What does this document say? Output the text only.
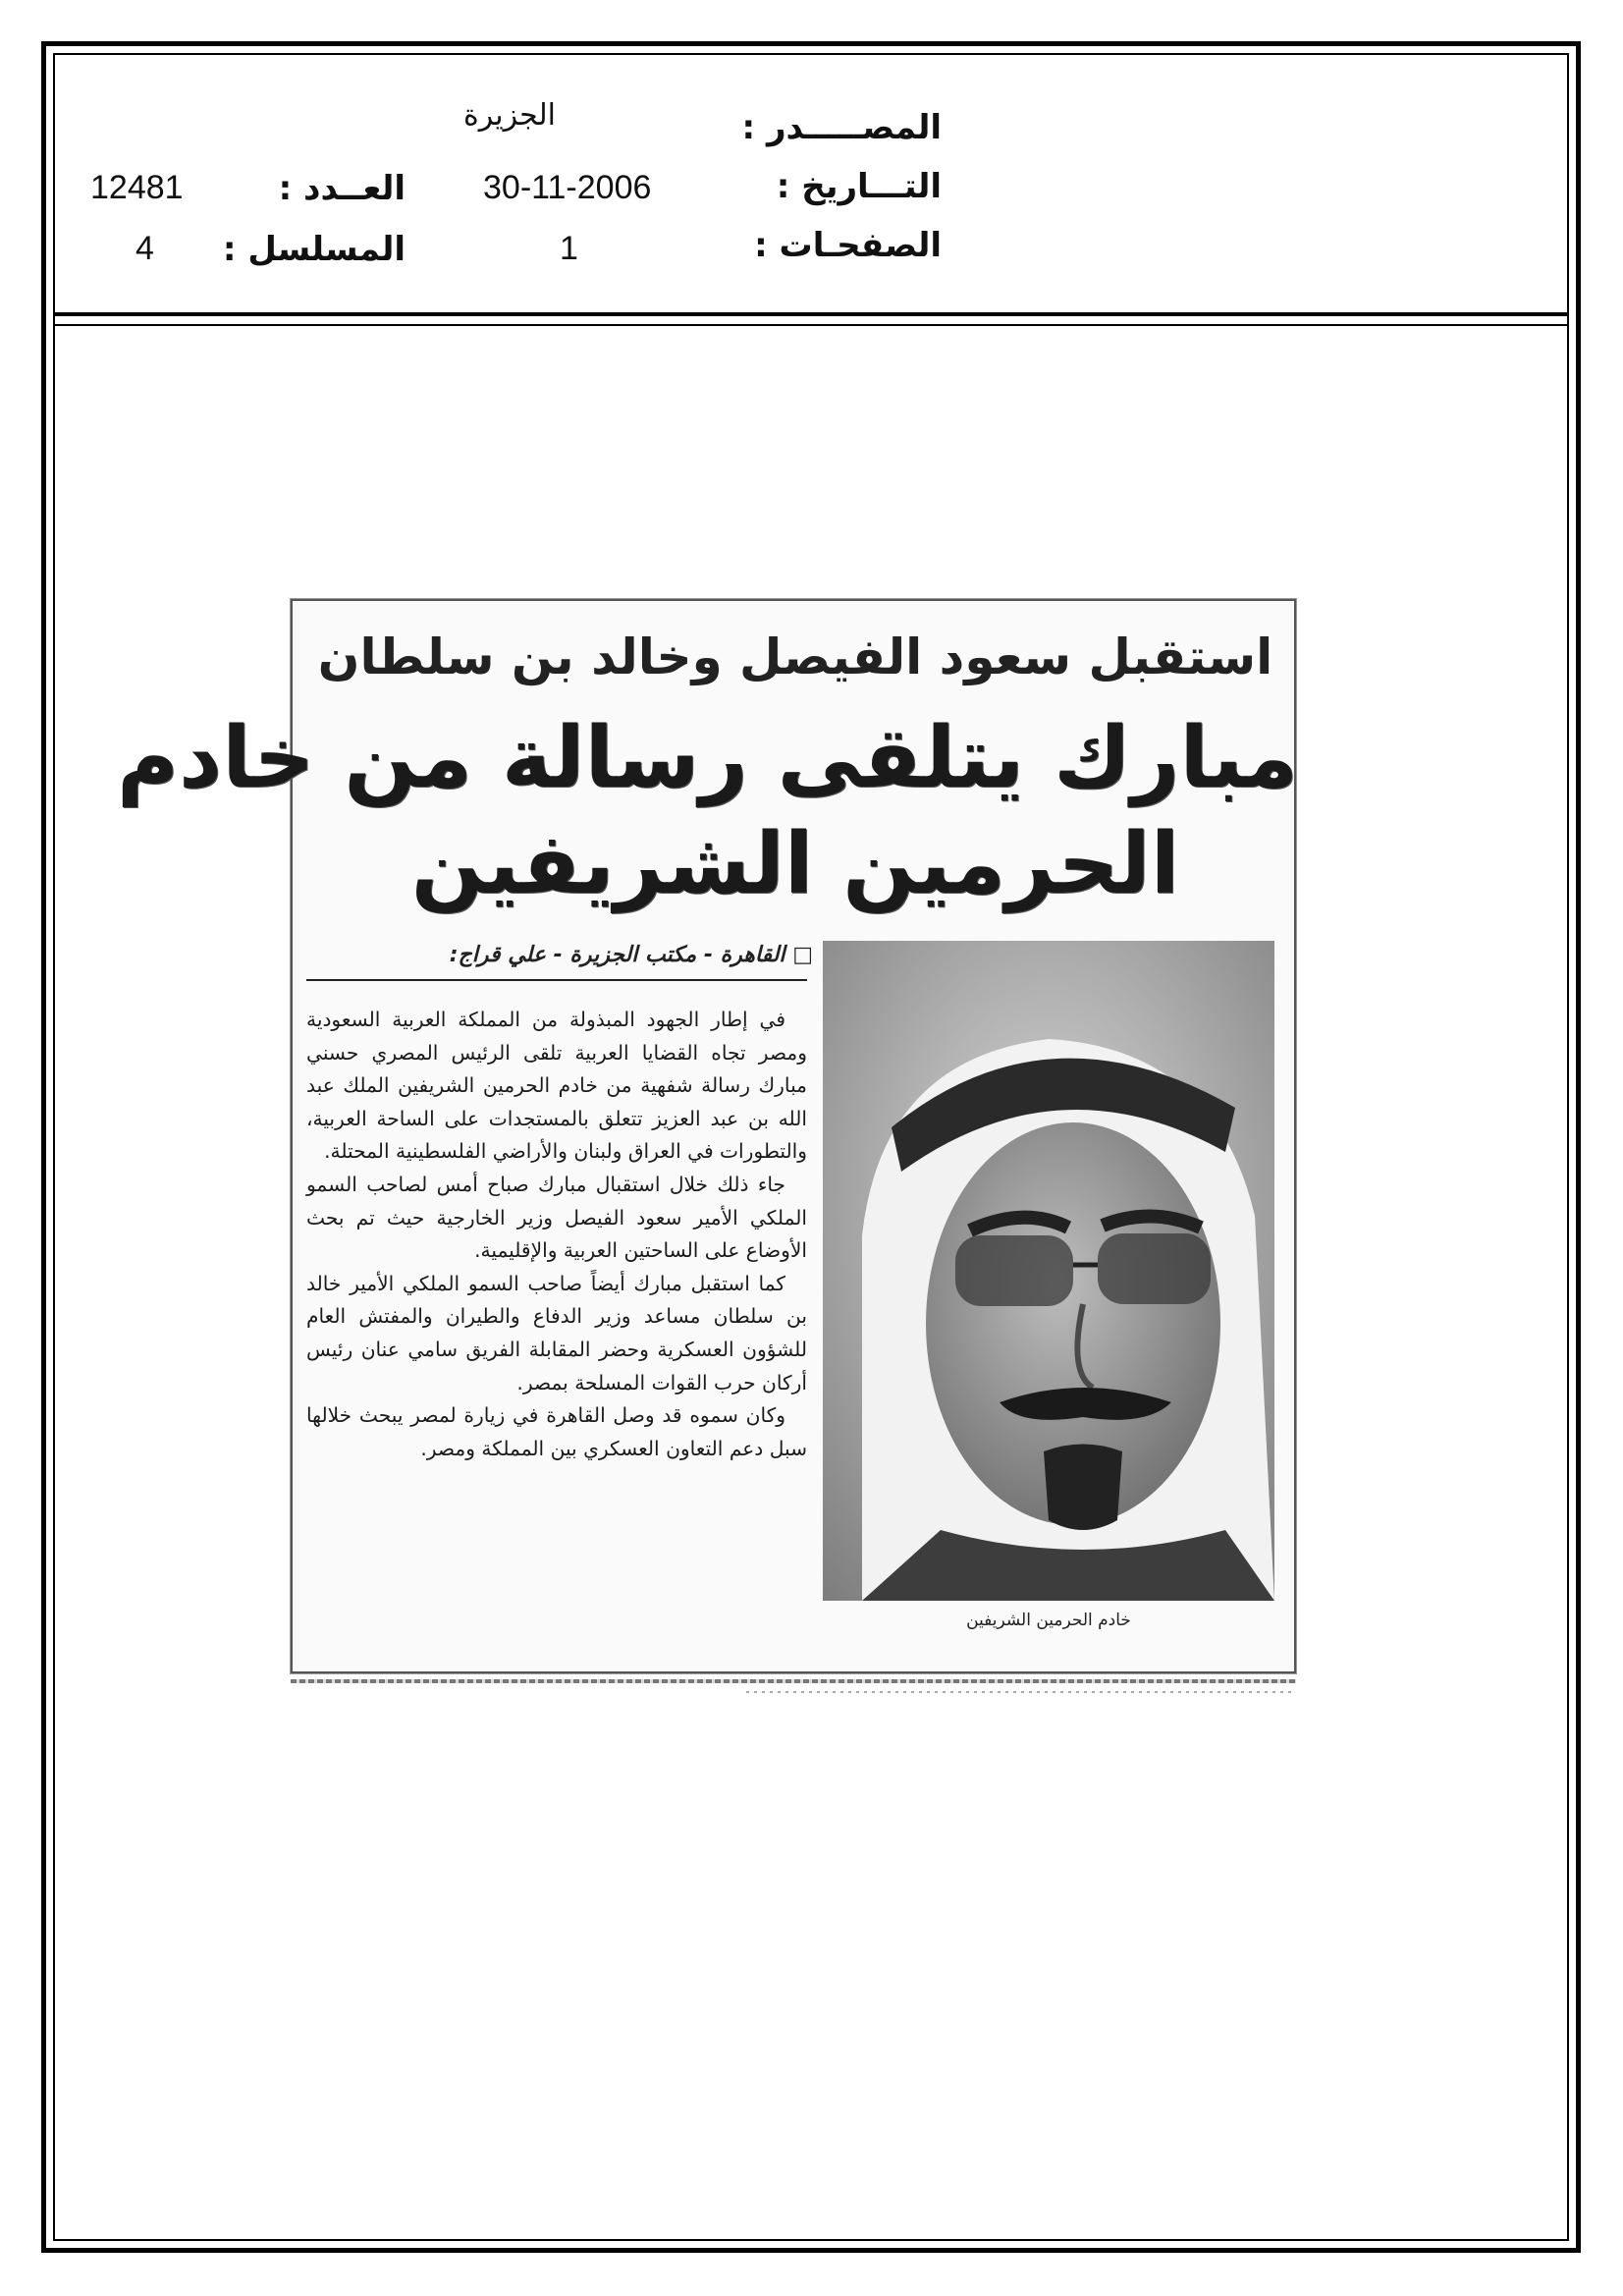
المصـــــدر :
الجزيرة
التـــاريخ :
30-11-2006
العــدد :
12481
الصفحـات :
1
المسلسل :
4
استقبل سعود الفيصل وخالد بن سلطان
مبارك يتلقى رسالة من خادم
الحرمين الشريفين
□ القاهرة - مكتب الجزيرة - علي قراج:

في إطار الجهود المبذولة من المملكة العربية السعودية ومصر تجاه القضايا العربية تلقى الرئيس المصري حسني مبارك رسالة شفهية من خادم الحرمين الشريفين الملك عبد الله بن عبد العزيز تتعلق بالمستجدات على الساحة العربية، والتطورات في العراق ولبنان والأراضي الفلسطينية المحتلة.

جاء ذلك خلال استقبال مبارك صباح أمس لصاحب السمو الملكي الأمير سعود الفيصل وزير الخارجية حيث تم بحث الأوضاع على الساحتين العربية والإقليمية.

كما استقبل مبارك أيضاً صاحب السمو الملكي الأمير خالد بن سلطان مساعد وزير الدفاع والطيران والمفتش العام للشؤون العسكرية وحضر المقابلة الفريق سامي عنان رئيس أركان حرب القوات المسلحة بمصر.

وكان سموه قد وصل القاهرة في زيارة لمصر يبحث خلالها سبل دعم التعاون العسكري بين المملكة ومصر.

خادم الحرمين الشريفين
